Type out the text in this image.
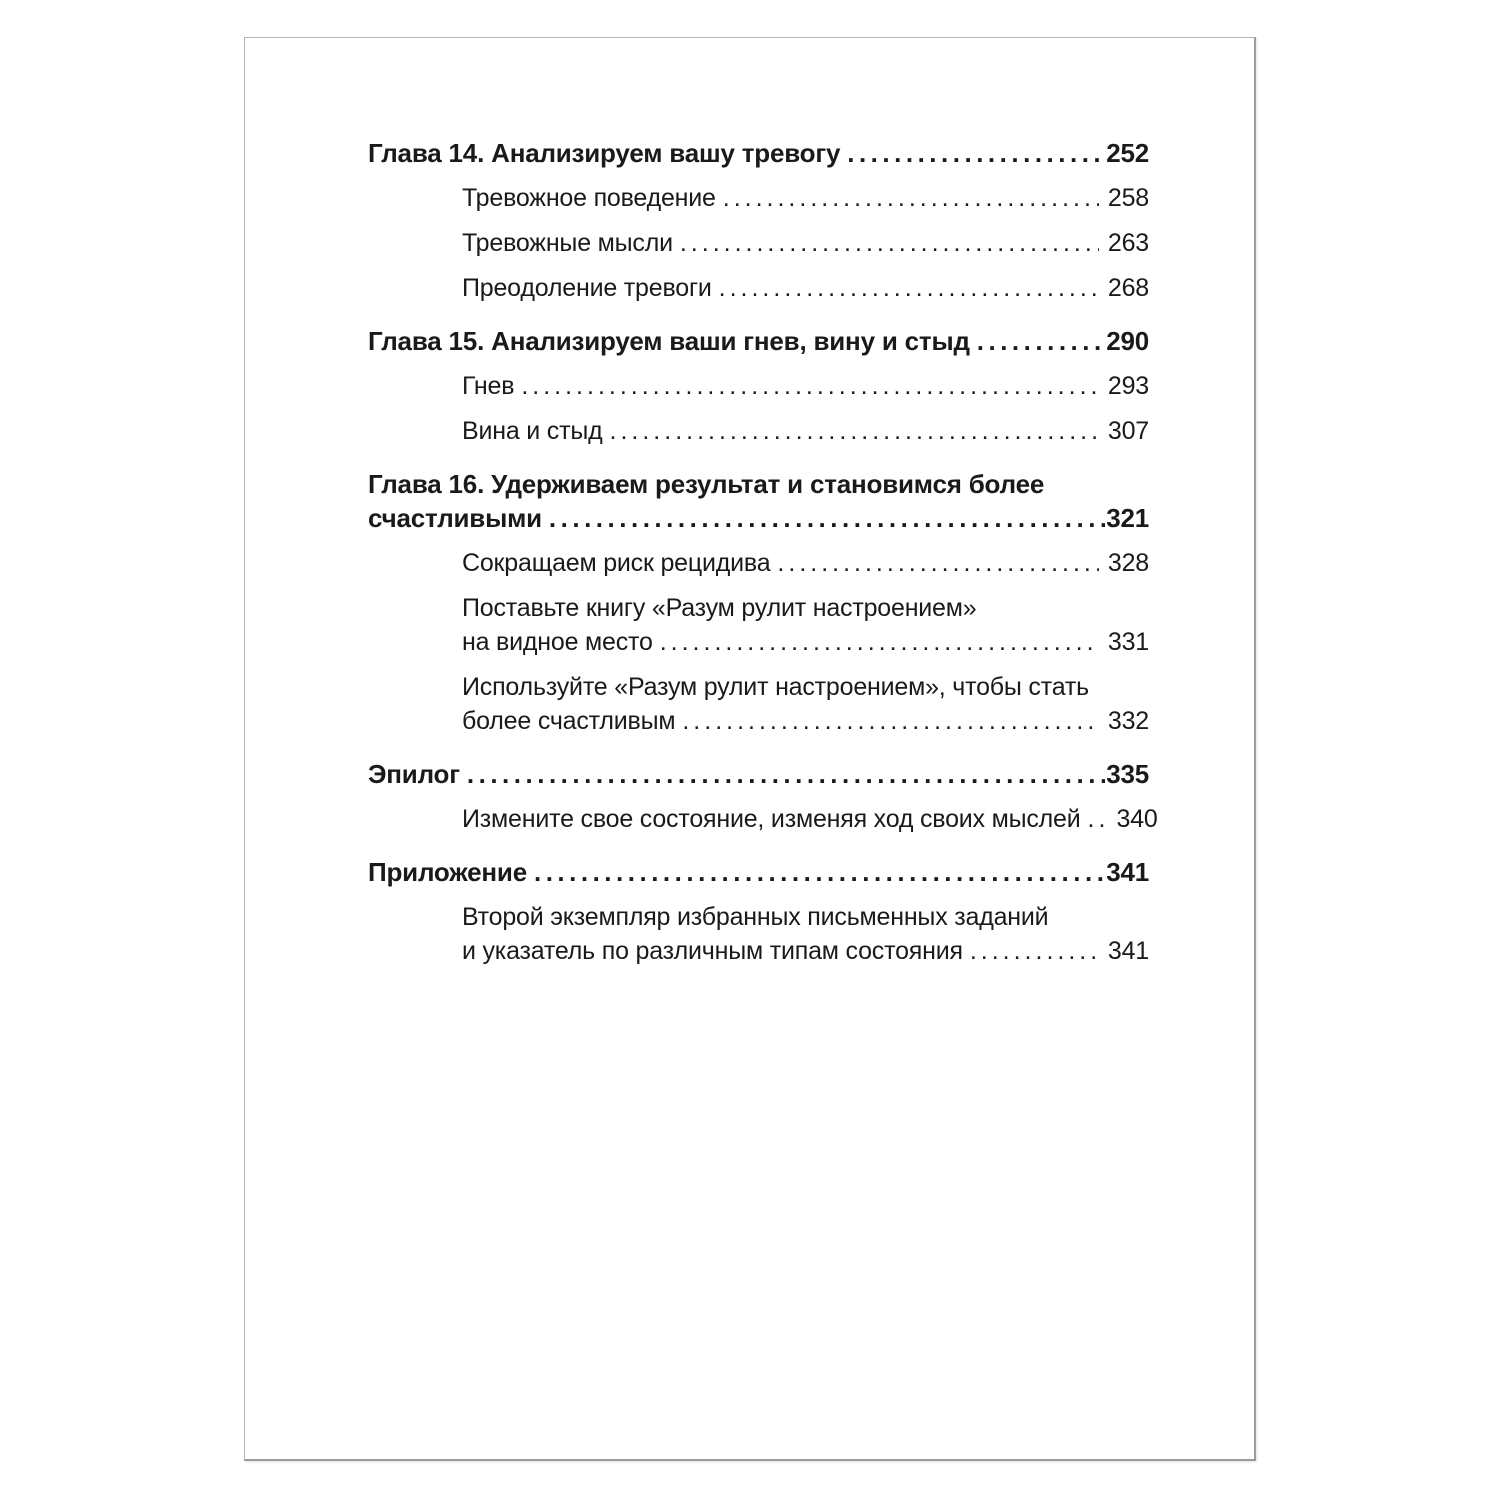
Глава 14. Анализируем вашу тревогу .....	252
Тревожное поведение .....	258
Тревожные мысли .....	263
Преодоление тревоги .....	268
Глава 15. Анализируем ваши гнев, вину и стыд .....	290
Гнев .....	293
Вина и стыд .....	307
Глава 16. Удерживаем результат и становимся более
счастливыми .....	321
Сокращаем риск рецидива .....	328
Поставьте книгу «Разум рулит настроением»
на видное место .....	331
Используйте «Разум рулит настроением», чтобы стать
более счастливым .....	332
Эпилог .....	335
Измените свое состояние, изменяя ход своих мыслей ..... 340
Приложение .....	341
Второй экземпляр избранных письменных заданий
и указатель по различным типам состояния .....	341
